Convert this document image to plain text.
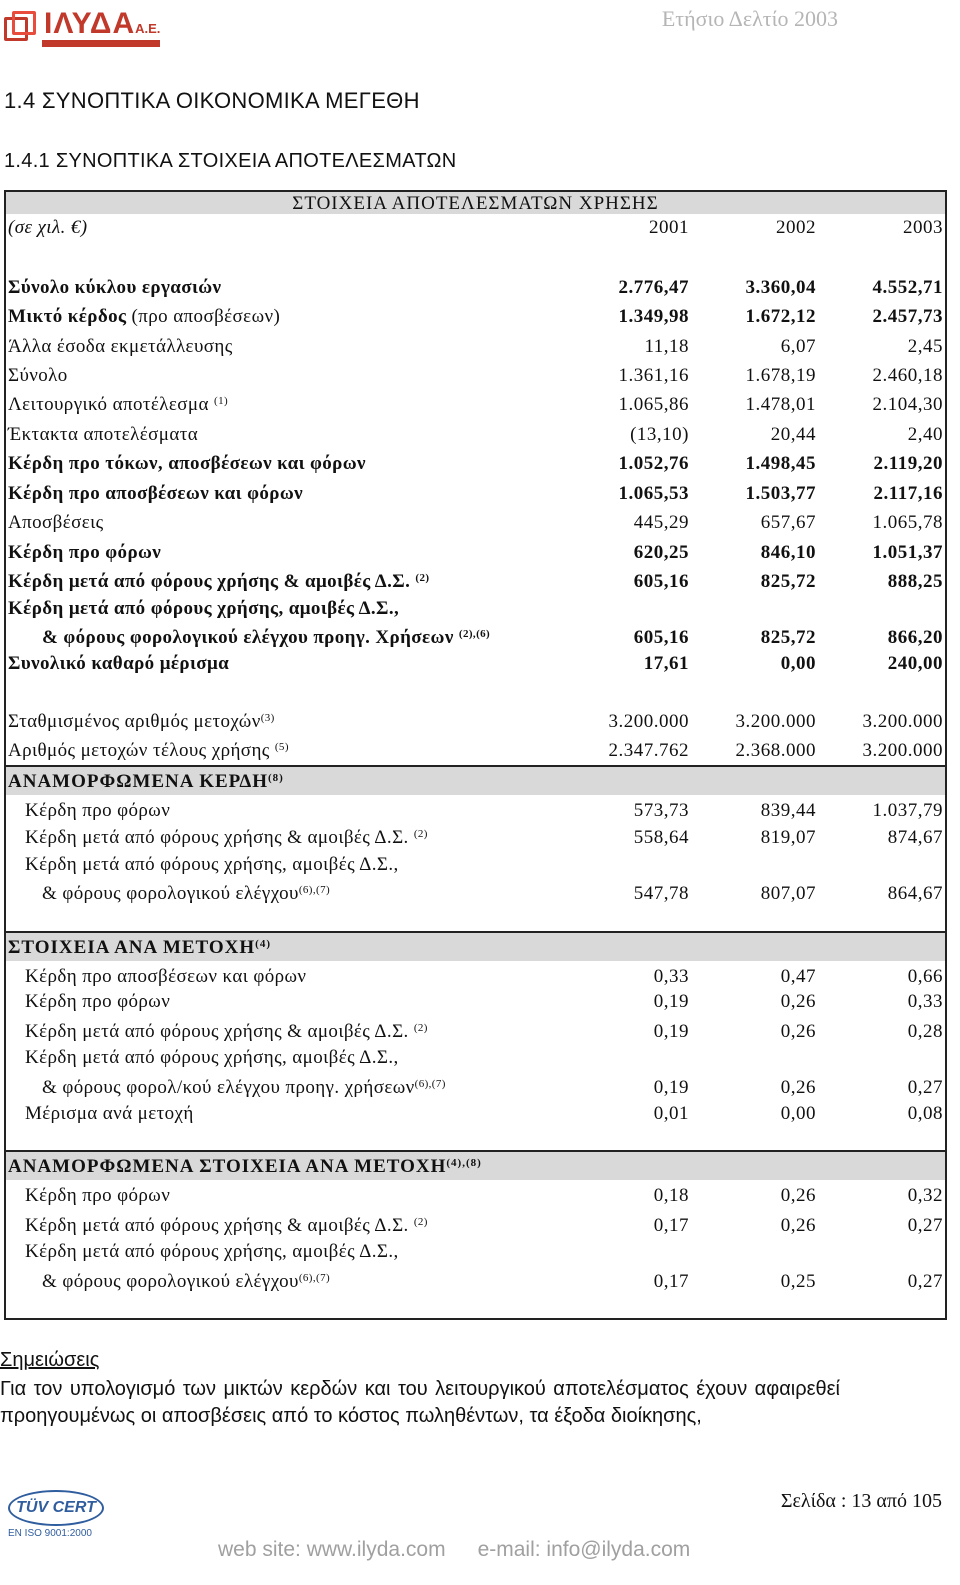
ΙΛΥΔΑΑ.Ε.	Ετήσιο Δελτίο 2003
1.4 ΣΥΝΟΠΤΙΚΑ ΟΙΚΟΝΟΜΙΚΑ ΜΕΓΕΘΗ
1.4.1 ΣΥΝΟΠΤΙΚΑ ΣΤΟΙΧΕΙΑ ΑΠΟΤΕΛΕΣΜΑΤΩΝ
ΣΤΟΙΧΕΙΑ ΑΠΟΤΕΛΕΣΜΑΤΩΝ ΧΡΗΣΗΣ
(σε χιλ. €)	2001	2002	2003
Σύνολο κύκλου εργασιών	2.776,47	3.360,04	4.552,71
Μικτό κέρδος (προ αποσβέσεων)	1.349,98	1.672,12	2.457,73
Άλλα έσοδα εκμετάλλευσης	11,18	6,07	2,45
Σύνολο	1.361,16	1.678,19	2.460,18
Λειτουργικό αποτέλεσμα $^{(1)}$	1.065,86	1.478,01	2.104,30
Έκτακτα αποτελέσματα	(13,10)	20,44	2,40
Κέρδη προ τόκων, αποσβέσεων και φόρων	1.052,76	1.498,45	2.119,20
Κέρδη προ αποσβέσεων και φόρων	1.065,53	1.503,77	2.117,16
Αποσβέσεις	445,29	657,67	1.065,78
Κέρδη προ φόρων	620,25	846,10	1.051,37
Κέρδη μετά από φόρους χρήσης & αμοιβές Δ.Σ. $^{(2)}$	605,16	825,72	888,25
Κέρδη μετά από φόρους χρήσης, αμοιβές Δ.Σ.,
& φόρους φορολογικού ελέγχου προηγ. Χρήσεων $^{(2),(6)}$	605,16	825,72	866,20
Συνολικό καθαρό μέρισμα	17,61	0,00	240,00
Σταθμισμένος αριθμός μετοχών$^{(3)}$	3.200.000	3.200.000	3.200.000
Αριθμός μετοχών τέλους χρήσης $^{(5)}$	2.347.762	2.368.000	3.200.000
ΑΝΑΜΟΡΦΩΜΕΝΑ ΚΕΡΔΗ$^{(8)}$
Κέρδη προ φόρων	573,73	839,44	1.037,79
Κέρδη μετά από φόρους χρήσης & αμοιβές Δ.Σ. $^{(2)}$	558,64	819,07	874,67
Κέρδη μετά από φόρους χρήσης, αμοιβές Δ.Σ.,
& φόρους φορολογικού ελέγχου$^{(6),(7)}$	547,78	807,07	864,67
ΣΤΟΙΧΕΙΑ ΑΝΑ ΜΕΤΟΧΗ$^{(4)}$
Κέρδη προ αποσβέσεων και φόρων	0,33	0,47	0,66
Κέρδη προ φόρων	0,19	0,26	0,33
Κέρδη μετά από φόρους χρήσης & αμοιβές Δ.Σ. $^{(2)}$	0,19	0,26	0,28
Κέρδη μετά από φόρους χρήσης, αμοιβές Δ.Σ.,
& φόρους φορολ/κού ελέγχου προηγ. χρήσεων$^{(6),(7)}$	0,19	0,26	0,27
Μέρισμα ανά μετοχή	0,01	0,00	0,08
ΑΝΑΜΟΡΦΩΜΕΝΑ ΣΤΟΙΧΕΙΑ ΑΝΑ $METOXH^{(4),(8)}$
Κέρδη προ φόρων	0,18	0,26	0,32
Κέρδη μετά από φόρους χρήσης & αμοιβές Δ.Σ. $^{(2)}$	0,17	0,26	0,27
Κέρδη μετά από φόρους χρήσης, αμοιβές Δ.Σ.,
& φόρους φορολογικού ελέγχου$^{(6),(7)}$	0,17	0,25	0,27
Σημειώσεις
Για τον υπολογισμό των μικτών κερδών και του λειτουργικού αποτελέσματος έχουν αφαιρεθεί προηγουμένως οι αποσβέσεις από το κόστος πωληθέντων, τα έξοδα διοίκησης,
TÜV CERT
EN ISO 9001:2000
Σελίδα : 13 από 105
web site: www.ilyda.com e-mail: info@ilyda.com
